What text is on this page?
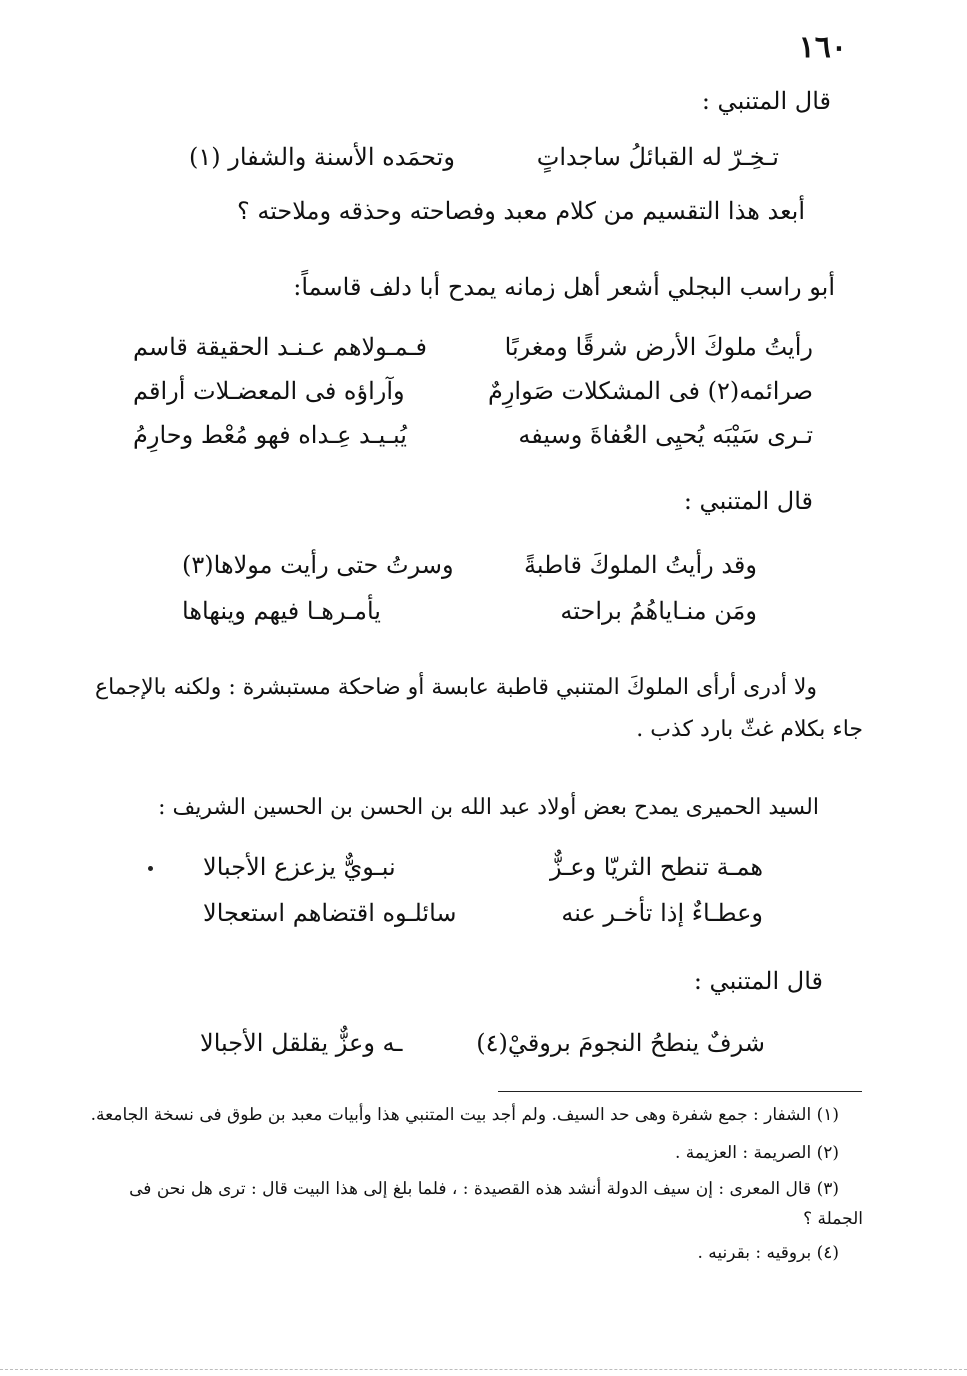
١٦٠
قال المتنبي :
تـخِـرّ له القبائلُ ساجداتٍ
وتحمَده الأسنة والشفار (١)
أبعد هذا التقسيم من كلام معبد وفصاحته وحذقه وملاحته ؟
أبو راسب البجلي أشعر أهل زمانه يمدح أبا دلف قاسماً:
رأيتُ ملوكَ الأرض شرقًا ومغربًا
فـمـولاهم عـنـد الحقيقة قاسم
صرائمه(٢) فى المشكلات صَوارِمٌ
وآراؤه فى المعضـلات أراقم
تـرى سَيْبَه يُحيِى العُفاةَ وسيفه
يُبـيـد عِـداه فهو مُعْط وحارِمُ
قال المتنبي :
وقد رأيتُ الملوكَ قاطبةً
وسرتُ حتى رأيت مولاها(٣)
ومَن منـاياهُمُ براحته
يأمـرهـا فيهم وينهاها
ولا أدرى أرأى الملوكَ المتنبي قاطبة عابسة أو ضاحكة مستبشرة : ولكنه بالإجماع
جاء بكلام غثّ بارد كذب .
السيد الحميرى يمدح بعض أولاد عبد الله بن الحسن بن الحسين الشريف :
همـة تنطح الثريّا وعـزٌّ
نبـويٌّ يزعزع الأجبالا
وعطـاءٌ إذا تأخـر عنه
سائلـوه اقتضاهم استعجالا
قال المتنبي :
شرفٌ ينطحُ النجومَ بروقيْ(٤)
ـه وعزٌّ يقلقل الأجبالا
(١) الشفار : جمع شفرة وهى حد السيف. ولم أجد بيت المتنبي هذا وأبيات معبد بن طوق فى نسخة الجامعة.
(٢) الصريمة : العزيمة .
(٣) قال المعرى : إن سيف الدولة أنشد هذه القصيدة : ، فلما بلغ إلى هذا البيت قال : ترى هل نحن فى
الجملة ؟
(٤) بروقيه : بقرنيه .
